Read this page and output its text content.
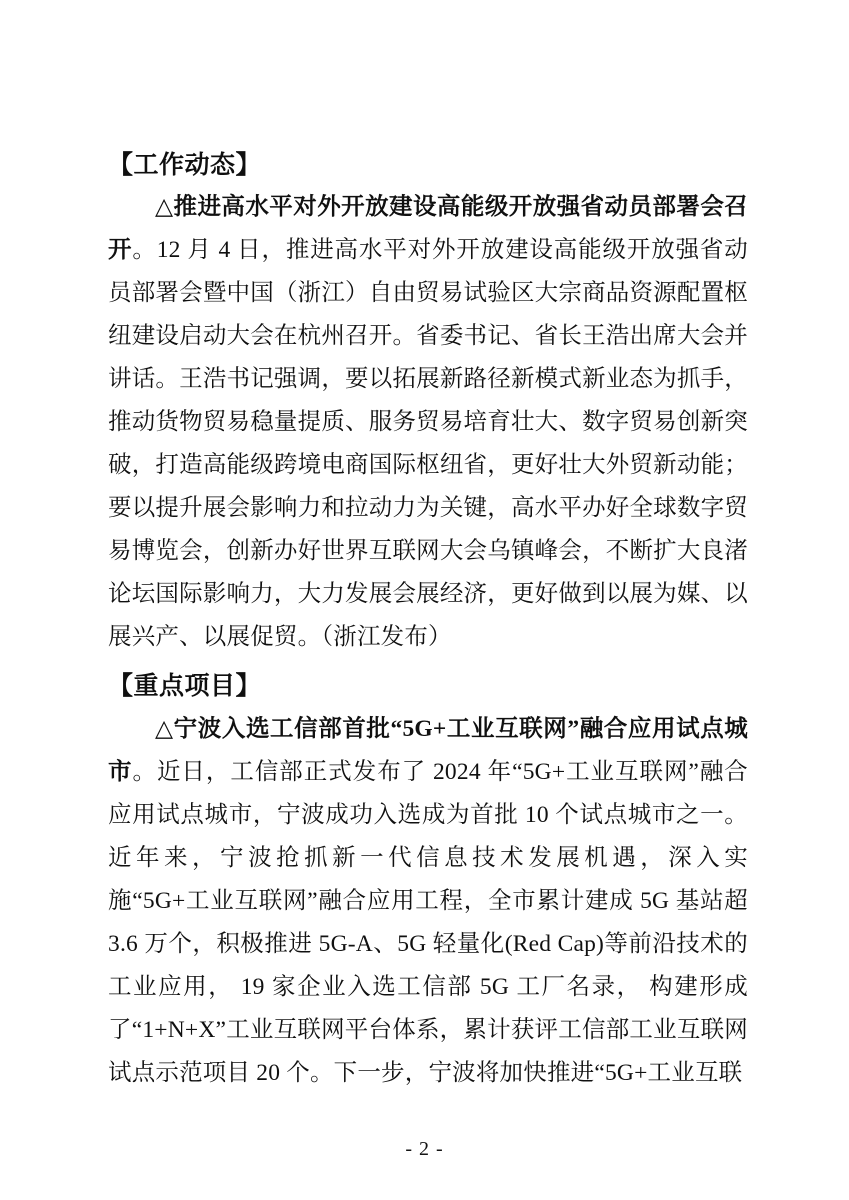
【工作动态】

△推进高水平对外开放建设高能级开放强省动员部署会召开。12 月 4 日，推进高水平对外开放建设高能级开放强省动员部署会暨中国（浙江）自由贸易试验区大宗商品资源配置枢纽建设启动大会在杭州召开。省委书记、省长王浩出席大会并讲话。王浩书记强调，要以拓展新路径新模式新业态为抓手，推动货物贸易稳量提质、服务贸易培育壮大、数字贸易创新突破，打造高能级跨境电商国际枢纽省，更好壮大外贸新动能；要以提升展会影响力和拉动力为关键，高水平办好全球数字贸易博览会，创新办好世界互联网大会乌镇峰会，不断扩大良渚论坛国际影响力，大力发展会展经济，更好做到以展为媒、以展兴产、以展促贸。（浙江发布）

【重点项目】

△宁波入选工信部首批“5G+工业互联网”融合应用试点城市。近日，工信部正式发布了 2024 年“5G+工业互联网”融合应用试点城市，宁波成功入选成为首批 10 个试点城市之一。近年来，宁波抢抓新一代信息技术发展机遇，深入实施“5G+工业互联网”融合应用工程，全市累计建成 5G 基站超 3.6 万个，积极推进 5G-A、5G 轻量化(Red Cap)等前沿技术的工业应用， 19 家企业入选工信部 5G 工厂名录， 构建形成了“1+N+X”工业互联网平台体系，累计获评工信部工业互联网试点示范项目 20 个。下一步，宁波将加快推进“5G+工业互联

- 2 -
